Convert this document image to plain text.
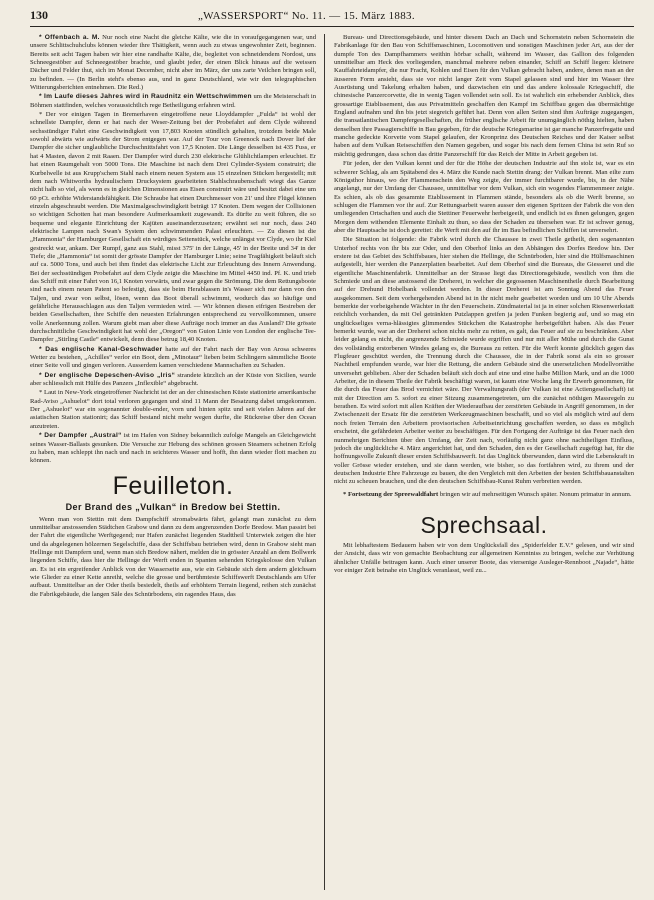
130	„WASSERSPORT“ No. 11. — 15. März 1883.

* Offenbach a. M. Nur noch eine Nacht die gleiche Kälte, wie die in voraufgegangenen war, und unsere Schlittschuhclubs können wieder ihre Thätigkeit, wenn auch zu etwas ungewohnter Zeit, beginnen. Bereits seit acht Tagen haben wir hier eine randhafte Kälte, die, begleitet von schneidendem Nordost, uns Schneegestöber auf Schneegestöber brachte, und glaubt jeder, der einen Blick hinaus auf die weissen Dächer und Felder thut, sich im Monat December, nicht aber im März, der uns zarte Veilchen bringen soll, zu befinden. — (In Berlin steht's ebenso aus, und in ganz Deutschland, wie wir den telegraphischen Witterungsberichten entnehmen. Die Red.)

* Im Laufe dieses Jahres wird in Raudnitz ein Wettschwimmen um die Meisterschaft in Böhmen stattfinden, welches voraussichtlich rege Betheiligung erfahren wird.

* Der vor einigen Tagen in Bremerhaven eingetroffene neue Lloyddampfer „Fulda“ ist wohl der schnellste Dampfer, denn er hat nach der Weser-Zeitung bei der Probefahrt auf dem Clyde während sechsstündiger Fahrt eine Geschwindigkeit von 17,803 Knoten stündlich gehalten, trotzdem beide Male sowohl abwärts wie aufwärts der Strom entgegen war. Auf der Tour von Greenock nach Dover lief der Dampfer die sicher unglaubliche Durchschnittsfahrt von 17,5 Knoten. Die Länge desselben ist 435 Fuss, er hat 4 Masten, davon 2 mit Raaen. Der Dampfer wird durch 230 elektrische Glühlichtlampen erleuchtet. Er hat einen Raumgehalt von 5000 Tons. Die Maschine ist nach dem Drei Cylinder-System construirt; die Kurbelwelle ist aus Krupp'schem Stahl nach einem neuen System aus 15 einzelnen Stücken hergestellt; mit dem nach Whitworths hydraulischem Drucksystem gearbeiteten Stahlschraubenschaft wiegt das Ganze nicht halb so viel, als wenn es in gleichen Dimensionen aus Eisen construirt wäre und besitzt dabei eine um 60 pCt. erhöhte Widerstandsfähigkeit. Die Schraube hat einen Durchmesser von 21' und ihre Flügel können einzeln abgeschraubt werden. Die Maximalgeschwindigkeit beträgt 17 Knoten. Dem wegen der Collisionen so wichtigen Schotten hat man besondere Aufmerksamkeit zugewandt. Es dürfte zu weit führen, die so bequeme und elegante Einrichtung der Kajüten auseinanderzusetzen; erwähnt sei nur noch, dass 240 elektrische Lampen nach Swan's System den schwimmenden Palast erleuchten. — Zu diesen ist die „Hammonia“ der Hamburger Gesellschaft ein würdiges Seitenstück, welche unlängst vor Clyde, wo ihr Kiel gestreckt war, ankam. Der Rumpf, ganz aus Stahl, misst 375' in der Länge, 45' in der Breite und 34' in der Tiefe; die „Hammonia“ ist somit der grösste Dampfer der Hamburger Linie; seine Tragfähigkeit beläuft sich auf ca. 5000 Tons, und auch bei ihm findet das elektrische Licht zur Erleuchtung des Innern Anwendung. Bei der sechsstündigen Probefahrt auf dem Clyde zeigte die Maschine im Mittel 4450 ind. Pf. K. und trieb das Schiff mit einer Fahrt von 16,1 Knoten vorwärts, und zwar gegen die Strömung. Die dem Rettungsboote sind nach einem neuen Patent so befestigt, dass sie beim Herablassen in's Wasser sich nur dann von den Taljen, und zwar von selbst, lösen, wenn das Boot überall schwimmt, wodurch das so häufige und gefährliche Herausschlagen aus den Taljen vermieden wird. — Wir können diesen eifrigen Bestreben der beiden Gesellschaften, ihre Schiffe den neuesten Erfahrungen entsprechend zu vervollkommnen, unsere volle Anerkennung zollen. Warum giebt man aber diese Aufträge noch immer an das Ausland? Die grösste durchschnittliche Geschwindigkeit hat wohl der „Oregon“ von Guion Linie von London der englische Tee-Dampfer „Stirling Castle“ entwickelt, denn diese betrug 18,40 Knoten.

* Das englische Kanal-Geschwader hatte auf der Fahrt nach der Bay von Arosa schweres Wetter zu bestehen, „Achilles“ verlor ein Boot, dem „Minotaur“ lieben beim Schlingern sämmtliche Boote einer Seite voll und gingen verloren. Ausserdem kamen verschiedene Mannschaften zu Schaden.

* Der englische Depeschen-Aviso „Iris“ strandete kürzlich an der Küste von Sicilien, wurde aber schliesslich mit Hülfe des Panzers „Inflexible“ abgebracht.

* Laut in New-York eingetroffener Nachricht ist der an der chinesischen Küste stationirte amerikanische Rad-Aviso „Ashuelot“ dort total verloren gegangen und sind 11 Mann der Besatzung dabei umgekommen. Der „Ashuelot“ war ein sogenannter double-ender, vorn und hinten spitz und seit vielen Jahren auf der asiatischen Station stationirt; das Schiff bestand nicht mehr wegen durfte, die Rückreise über den Ocean anzutreten.

* Der Dampfer „Austral“ ist im Hafen von Sidney bekanntlich zufolge Mangels an Gleichgewicht seines Wasser-Ballasts gesunken. Die Versuche zur Hebung des schönen grossen Steamers scheinen Erfolg zu haben, man schleppt ihn nach und nach in seichteres Wasser und hofft, ihn dann wieder flott machen zu können.

Feuilleton.
Der Brand des „Vulkan“ in Bredow bei Stettin.

Wenn man von Stettin mit dem Dampfschiff stromabwärts fährt, gelangt man zunächst zu dem unmittelbar anstossenden Städtchen Grabow und dann zu dem angrenzenden Dorfe Bredow. Man passirt bei der Fahrt die eigentliche Werftgegend; nur Hafen zunächst liegenden Stadttheil Unterwiek zeigen die hier und da abgelegenen hölzernen Segelschiffe, dass der Schiffsbau betrieben wird, denn in Grabow sieht man Hellinge mit Dampfern und, wenn man sich Bredow nähert, melden die in grösster Anzahl an dem Bollwerk liegenden Schiffe, dass hier die Hellinge der Werft enden in Spanten sehenden Kriegskolosse den Vulkan an. Es ist ein ergreifender Anblick von der Wasserseite aus, wie ein Gebäude sich dem andern gleichsam wie Glieder zu einer Kette anreiht, welche die grosse und berühmteste Schiffswerft Deutschlands am Ufer aufbaut. Unmittelbar an der Oder theils besiedelt, theils auf erhöhtem Terrain liegend, reihen sich zunächst die Fabrikgebäude, die langen Säle des Schnürbodens, ein ragendes Haus, das

Bureau- und Directionsgebäude, und hinter diesem Dach an Dach und Schornstein neben Schornstein die Fabrikanlage für den Bau von Schiffsmaschinen, Locomotiven und sonstigen Maschinen jeder Art, aus der der dumpfe Ton des Dampfhammers weithin hörbar schallt, während im Wasser, das Gallion des folgenden unmittelbar am Heck des vorliegenden, manchmal mehrere neben einander, Schiff an Schiff liegen: kleinere Kauffahrteidampfer, die nur Fracht, Kohlen und Eisen für den Vulkan gebracht haben, andere, denen man an der äusseren Form ansieht, dass sie vor nicht langer Zeit vom Stapel gelassen sind und hier im Wasser ihre Ausrüstung und Takelung erhalten haben, und dazwischen ein und das andere kolossale Kriegsschiff, die chinesische Panzercorvette, die in wenig Tagen vollendet sein soll. Es ist wahrlich ein erhebender Anblick, dies grossartige Etablissement, das aus Privatmitteln geschaffen den Kampf im Schiffbau gegen das übermächtige England aufnahm und ihn bis jetzt siegreich geführt hat. Denn von allen Seiten sind ihm Aufträge zugegangen, die transatlantischen Dampfergesellschaften, die früher englische Arbeit für unumgänglich nöthig hielten, haben denselben ihre Passagierschiffe in Bau gegeben, für die deutsche Kriegsmarine ist gar manche Panzerfregatte und manche gedeckte Korvette vom Stapel gelaufen, der Kronprinz des Deutschen Reiches und der Kaiser selbst haben auf dem Vulkan Reiseschiffen den Namen gegeben, und sogar bis nach dem fernen China ist sein Ruf so mächtig gedrungen, dass schon das dritte Panzerschiff für das Reich der Mitte in Arbeit gegeben ist.

Für jeden, der den Vulkan kennt und der für die Höhe der deutschen Industrie auf ihn stolz ist, war es ein schwerer Schlag, als am Spätabend des 4. März die Kunde nach Stettin drang: der Vulkan brennt. Man eilte zum Königsthor hinaus, wo der Flammenschein den Weg zeigte, der immer furchtbarer wurde, bis, in der Nähe angelangt, nur der Umfang der Chaussee, unmittelbar vor dem Vulkan, sich ein wogendes Flammenmeer zeigte. Es schien, als ob das gesammte Etablissement in Flammen stände, besonders als ob die Werft brenne, so schlugen die Flammen vor ihr auf. Zur Rettungsarbeit waren ausser den eigenen Spritzen der Fabrik die von den umliegenden Ortschaften und auch die Stettiner Feuerwehr herbeigeeilt, und endlich ist es ihnen gelungen, gegen Morgen dem withenden Elemente Einhalt zu thun, so dass der Schaden zu übersehen war. Er ist schwer genug, aber die Hauptsache ist doch gerettet: die Werft mit den auf ihr im Bau befindlichen Schiffen ist unversehrt.

Die Situation ist folgende: die Fabrik wird durch die Chaussee in zwei Theile getheilt, den sogenannten Unterhof rechts von ihr bis zur Oder, und den Oberhof links an den Abhängen des Dorfes Bredow hin. Der erstere ist das Gebiet des Schiffsbaues, hier stehen die Hellinge, die Schnürboden, hier sind die Hülfsmaschinen aufgestellt, hier werden die Panzerplatten bearbeitet. Auf dem Oberhof sind die Bureaus, die Giesserei und die eigentliche Maschinenfabrik. Unmittelbar an der Strasse liegt das Directionsgebäude, westlich von ihm die Schmiede und an diese anstossend die Dreherei, in welcher die gegossenen Maschinentheile durch Bearbeitung auf der Drehund Hobelbank vollendet werden. In dieser Dreherei ist am Sonntag Abend das Feuer ausgekommen. Seit dem vorhergehenden Abend ist in ihr nicht mehr gearbeitet worden und um 10 Uhr Abends bemerkte der vorbeigehende Wächter in ihr den Feuerschein. Zündmaterial ist ja in einer solchen Riesenwerkstatt reichlich vorhanden, da mit Oel getränkten Putzlappen greifen ja jeden Funken begierig auf, und so mag ein unglückseliges verna-hlässigtes glimmendes Stückchen die Katastrophe herbeigeführt haben. Als das Feuer bemerkt wurde, war an der Dreherei schon nichts mehr zu retten, es galt, das Feuer auf sie zu beschränken. Aber leider gelang es nicht, die angrenzende Schmiede wurde ergriffen und nur mit aller Mühe und durch die Gunst des vollständig erstorbenen Windes gelang es, die Bureaus zu retten. Für die Werft konnte glücklich gegen das Flugfeuer geschützt werden, die Trennung durch die Chaussee, die in der Fabrik sonst als ein so grosser Nachtheil empfunden wurde, war hier die Rettung, die andern Gebäude sind die unersetzlichen Modellvorräthe unversehrt geblieben. Aber der Schaden beläuft sich doch auf eine und eine halbe Million Mark, und an die 1000 Arbeiter, die in diesem Theile der Fabrik beschäftigt waren, ist kaum eine Woche lang ihr Erwerb genommen, für die durch das Feuer das Brod vernichtet wäre. Der Verwaltungsrath (der Vulkan ist eine Actiengesellschaft) ist mit der Direction am 5. sofort zu einer Sitzung zusammengetreten, um die zunächst nöthigen Massregeln zu berathen. Es wird sofort mit allen Kräften der Wiederaufbau der zerstörten Gebäude in Angriff genommen, in der Zwischenzeit der Ersatz für die zerstörten Werkzeugmaschinen beschafft, und so viel als möglich wird auf dem noch freien Terrain den Arbeitern provisorischen Arbeitseinrichtung geschaffen werden, so dass es möglich erscheint, die gefährdeten Arbeiter weiter zu beschäftigen. Für den Fortgang der Aufträge ist das Feuer nach den nunmehrigen Berichten über den Umfang, der Zeit nach, vorläufig nicht ganz ohne nachtheiligen Einfluss, jedoch die unglückliche 4. März angerichtet hat, und den Schaden, den es der Gesellschaft zugefügt hat, für die hoffnungsvolle Zukunft dieser ersten Schiffsbauwerft. Ist das Unglück überwunden, dann wird die Lebenskraft in voller Grösse wieder erstehen, und sie dann werden, wie bisher, so das fortfahren wird, zu ihrem und der deutschen Industrie Ehre Fahrzeuge zu bauen, die den Vergleich mit den Arbeiten der besten Schiffsbauanstalten nicht zu scheuen brauchen, und die den deutschen Schiffsbau-Kunst Ruhm verbreiten werden.

* Fortsetzung der Spreewaldfahrt bringen wir auf mehrseitigen Wunsch später. Nonum primatur in annum.

Sprechsaal.

Mit lebhaftestem Bedauern haben wir von dem Unglücksfall des „Spiderfelder E.V.“ gelesen, und wir sind der Ansicht, dass wir von gemachte Beobachtung zur allgemeinen Kenntniss zu bringen, welche zur Verhütung ähnlicher Unfälle beitragen kann. Auch einer unserer Boote, das viersenige Ausleger-Rennboot „Najade“, hätte vor einiger Zeit beinahe ein Unglück veranlasst, weil zu...
